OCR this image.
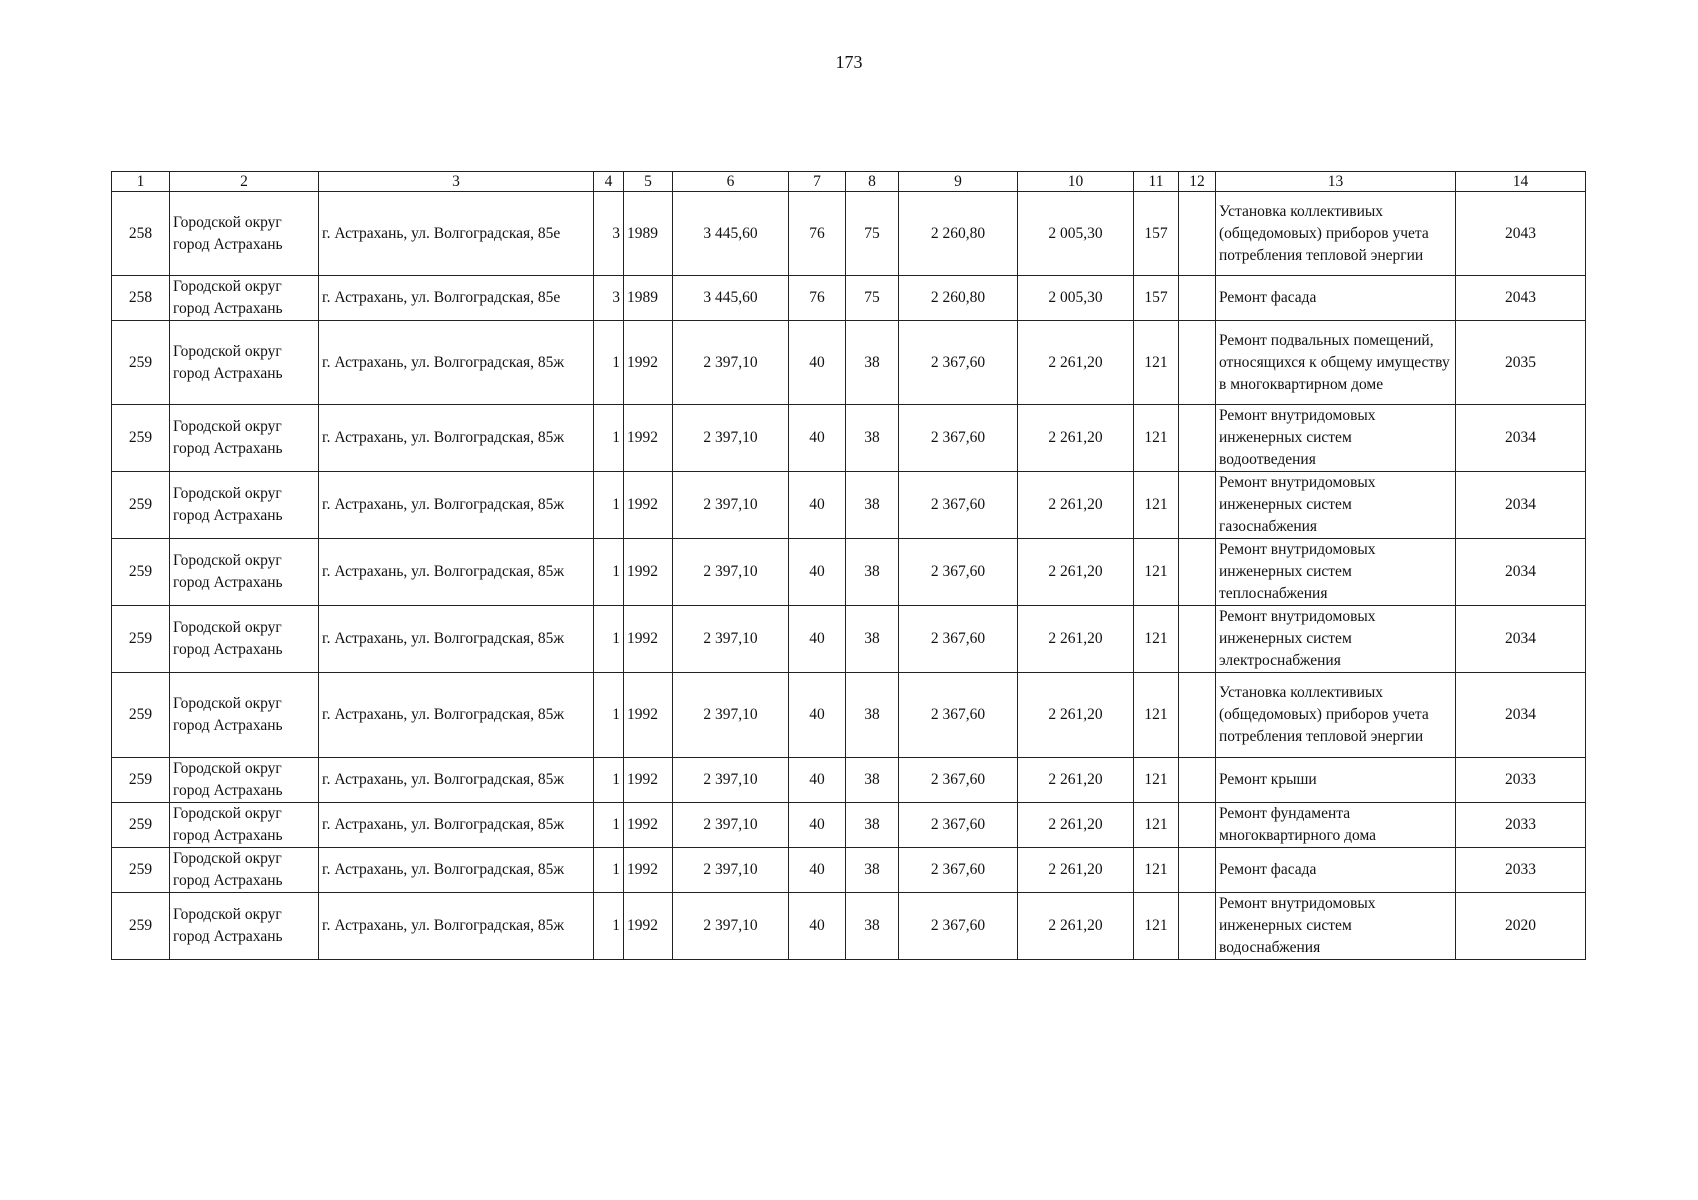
173
1	2	3	4	5	6	7	8	9	10	11	12	13	14
258	Городской округ город Астрахань	г. Астрахань, ул. Волгоградская, 85е	3	1989	3 445,60	76	75	2 260,80	2 005,30	157		Установка коллективиых (общедомовых) приборов учета потребления тепловой энергии	2043
258	Городской округ город Астрахань	г. Астрахань, ул. Волгоградская, 85е	3	1989	3 445,60	76	75	2 260,80	2 005,30	157		Ремонт фасада	2043
259	Городской округ город Астрахань	г. Астрахань, ул. Волгоградская, 85ж	1	1992	2 397,10	40	38	2 367,60	2 261,20	121		Ремонт подвальных помещений, относящихся к общему имуществу в многоквартирном доме	2035
259	Городской округ город Астрахань	г. Астрахань, ул. Волгоградская, 85ж	1	1992	2 397,10	40	38	2 367,60	2 261,20	121		Ремонт внутридомовых инженерных систем водоотведения	2034
259	Городской округ город Астрахань	г. Астрахань, ул. Волгоградская, 85ж	1	1992	2 397,10	40	38	2 367,60	2 261,20	121		Ремонт внутридомовых инженерных систем газоснабжения	2034
259	Городской округ город Астрахань	г. Астрахань, ул. Волгоградская, 85ж	1	1992	2 397,10	40	38	2 367,60	2 261,20	121		Ремонт внутридомовых инженерных систем теплоснабжения	2034
259	Городской округ город Астрахань	г. Астрахань, ул. Волгоградская, 85ж	1	1992	2 397,10	40	38	2 367,60	2 261,20	121		Ремонт внутридомовых инженерных систем электроснабжения	2034
259	Городской округ город Астрахань	г. Астрахань, ул. Волгоградская, 85ж	1	1992	2 397,10	40	38	2 367,60	2 261,20	121		Установка коллективиых (общедомовых) приборов учета потребления тепловой энергии	2034
259	Городской округ город Астрахань	г. Астрахань, ул. Волгоградская, 85ж	1	1992	2 397,10	40	38	2 367,60	2 261,20	121		Ремонт крыши	2033
259	Городской округ город Астрахань	г. Астрахань, ул. Волгоградская, 85ж	1	1992	2 397,10	40	38	2 367,60	2 261,20	121		Ремонт фундамента многоквартирного дома	2033
259	Городской округ город Астрахань	г. Астрахань, ул. Волгоградская, 85ж	1	1992	2 397,10	40	38	2 367,60	2 261,20	121		Ремонт фасада	2033
259	Городской округ город Астрахань	г. Астрахань, ул. Волгоградская, 85ж	1	1992	2 397,10	40	38	2 367,60	2 261,20	121		Ремонт внутридомовых инженерных систем водоснабжения	2020
